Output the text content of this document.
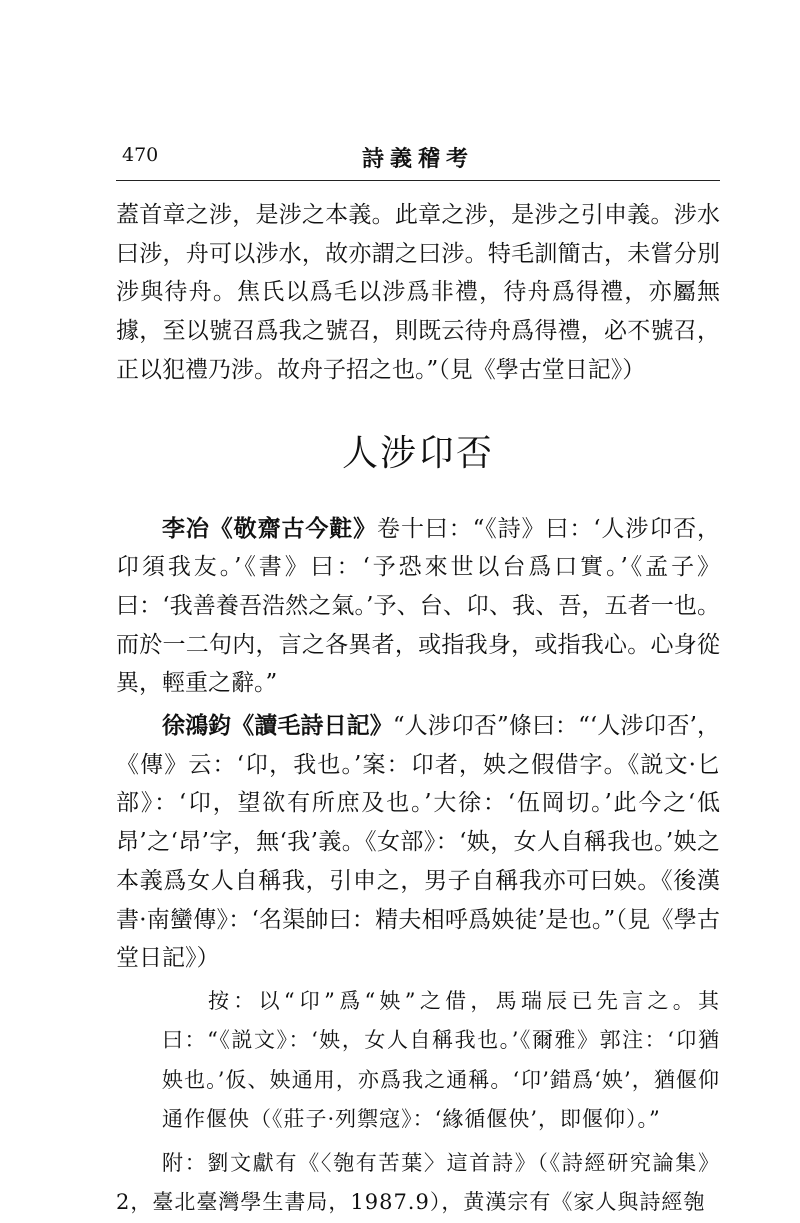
470	詩義稽考

蓋首章之涉，是涉之本義。此章之涉，是涉之引申義。涉水曰涉，舟可以涉水，故亦謂之曰涉。特毛訓簡古，未嘗分別涉與待舟。焦氏以爲毛以涉爲非禮，待舟爲得禮，亦屬無據，至以號召爲我之號召，則既云待舟爲得禮，必不號召，正以犯禮乃涉。故舟子招之也。”（見《學古堂日記》）

人涉卬否

李冶《敬齋古今黈》卷十曰：“《詩》曰：‘人涉卬否，卬須我友。’《書》曰：‘予恐來世以台爲口實。’《孟子》曰：‘我善養吾浩然之氣。’予、台、卬、我、吾，五者一也。而於一二句内，言之各異者，或指我身，或指我心。心身從異，輕重之辭。”

徐鴻鈞《讀毛詩日記》“人涉卬否”條曰：“‘人涉卬否’，《傳》云：‘卬，我也。’案：卬者，姎之假借字。《説文·匕部》：‘卬，望欲有所庶及也。’大徐：‘伍岡切。’此今之‘低昂’之‘昂’字，無‘我’義。《女部》：‘姎，女人自稱我也。’姎之本義爲女人自稱我，引申之，男子自稱我亦可曰姎。《後漢書·南蠻傳》：‘名渠帥曰：精夫相呼爲姎徒’是也。”（見《學古堂日記》）

按：以“卬”爲“姎”之借，馬瑞辰已先言之。其曰：“《説文》：‘姎，女人自稱我也。’《爾雅》郭注：‘卬猶姎也。’仮、姎通用，亦爲我之通稱。‘卬’錯爲‘姎’，猶偃仰通作偃佒（《莊子·列禦寇》：‘緣循偃佒’，即偃仰）。”

附：劉文獻有《〈匏有苦葉〉這首詩》（《詩經研究論集》2，臺北臺灣學生書局，1987.9），黄漢宗有《家人與詩經匏
